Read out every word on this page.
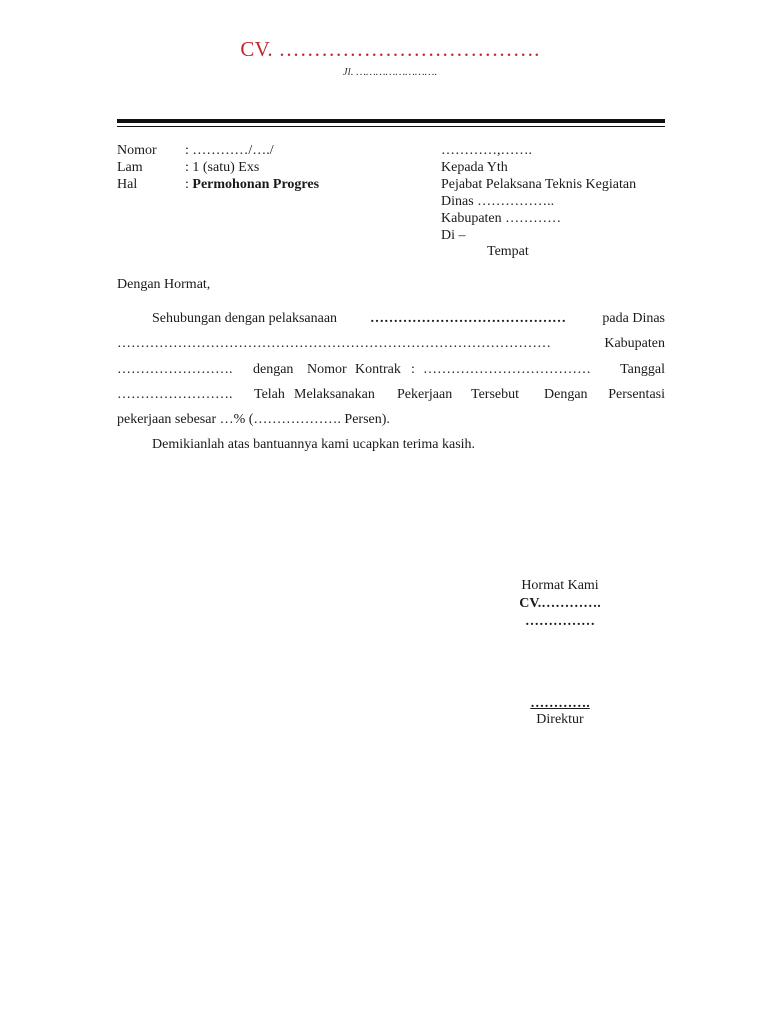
CV. ……………………………….
Jl. …………………….
Nomor : …………/…./
Lam	: 1 (satu) Exs
Hal	: Permohonan Progres
…………,…….
Kepada Yth
Pejabat Pelaksana Teknis Kegiatan
Dinas ……………..
Kabupaten …………
Di –
Tempat
Dengan Hormat,
Sehubungan dengan pelaksanaan ……………………………………	pada Dinas
…………………………………………………………………………………	Kabupaten
……………………. dengan Nomor Kontrak : ……………………………… Tanggal
……………………. Telah Melaksanakan Pekerjaan Tersebut Dengan Persentasi
pekerjaan sebesar …% (………………. Persen).
Demikianlah atas bantuannya kami ucapkan terima kasih.
Hormat Kami
CV.………….
……………
………….
Direktur
